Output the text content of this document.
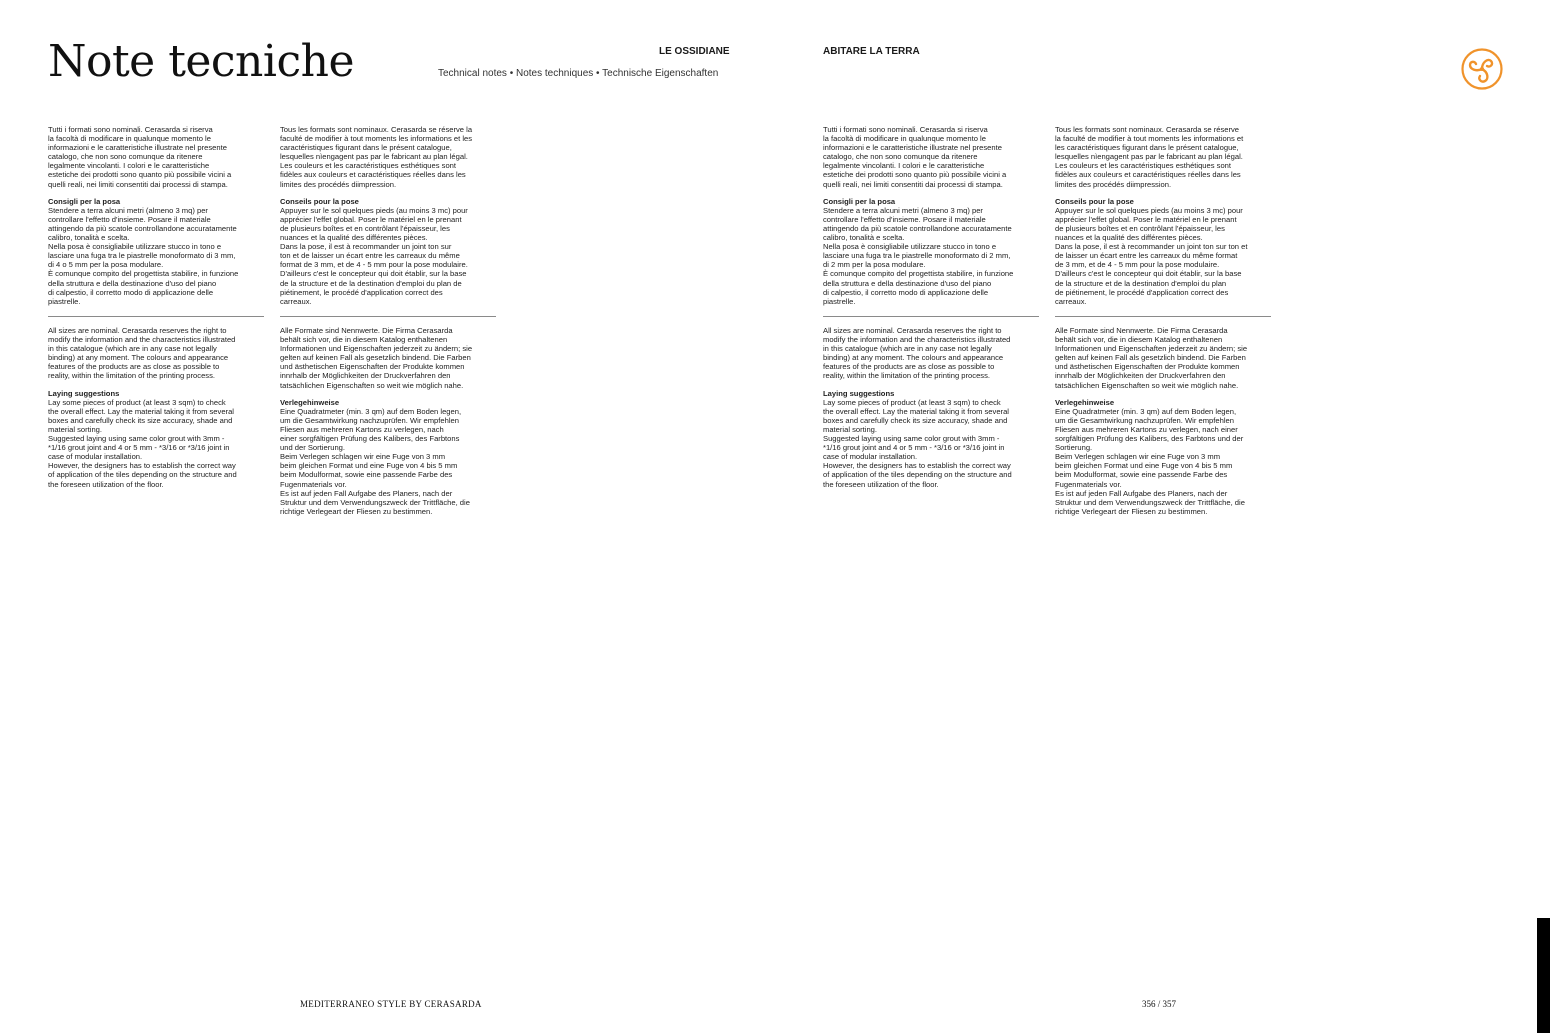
Note tecniche	LE OSSIDIANE	ABITARE LA TERRA
Technical notes • Notes techniques • Technische Eigenschaften

Tutti i formati sono nominali. Cerasarda si riserva
la facoltà di modificare in qualunque momento le
informazioni e le caratteristiche illustrate nel presente
catalogo, che non sono comunque da ritenere
legalmente vincolanti. I colori e le caratteristiche
estetiche dei prodotti sono quanto più possibile vicini a
quelli reali, nei limiti consentiti dai processi di stampa.

Consigli per la posa

Stendere a terra alcuni metri (almeno 3 mq) per
controllare l'effetto d'insieme. Posare il materiale
attingendo da più scatole controllandone accuratamente
calibro, tonalità e scelta.
Nella posa è consigliabile utilizzare stucco in tono e
lasciare una fuga tra le piastrelle monoformato di 3 mm,
di 4 o 5 mm per la posa modulare.
È comunque compito del progettista stabilire, in funzione
della struttura e della destinazione d'uso del piano
di calpestio, il corretto modo di applicazione delle
piastrelle.

Tous les formats sont nominaux. Cerasarda se réserve la
faculté de modifier à tout moments les informations et les
caractéristiques figurant dans le présent catalogue,
lesquelles nìengagent pas par le fabricant au plan légal.
Les couleurs et les caractéristiques esthétiques sont
fidèles aux couleurs et caractéristiques réelles dans les
limites des procédés diimpression.

Conseils pour la pose

Appuyer sur le sol quelques pieds (au moins 3 mc) pour
apprécier l'effet global. Poser le matériel en le prenant
de plusieurs boîtes et en contrôlant l'épaisseur, les
nuances et la qualité des différentes pièces.
Dans la pose, il est à recommander un joint ton sur
ton et de laisser un écart entre les carreaux du même
format de 3 mm, et de 4 - 5 mm pour la pose modulaire.
D'ailleurs c'est le concepteur qui doit établir, sur la base
de la structure et de la destination d'emploi du plan de
piétinement, le procédé d'application correct des
carreaux.

All sizes are nominal. Cerasarda reserves the right to
modify the information and the characteristics illustrated
in this catalogue (which are in any case not legally
binding) at any moment. The colours and appearance
features of the products are as close as possible to
reality, within the limitation of the printing process.

Laying suggestions

Lay some pieces of product (at least 3 sqm) to check
the overall effect. Lay the material taking it from several
boxes and carefully check its size accuracy, shade and
material sorting.
Suggested laying using same color grout with 3mm -
*1/16 grout joint and 4 or 5 mm - *3/16 or *3/16 joint in
case of modular installation.
However, the designers has to establish the correct way
of application of the tiles depending on the structure and
the foreseen utilization of the floor.

Alle Formate sind Nennwerte. Die Firma Cerasarda
behält sich vor, die in diesem Katalog enthaltenen
Informationen und Eigenschaften jederzeit zu ändern; sie
gelten auf keinen Fall als gesetzlich bindend. Die Farben
und ästhetischen Eigenschaften der Produkte kommen
innrhalb der Möglichkeiten der Druckverfahren den
tatsächlichen Eigenschaften so weit wie möglich nahe.

Verlegehinweise

Eine Quadratmeter (min. 3 qm) auf dem Boden legen,
um die Gesamtwirkung nachzuprüfen. Wir empfehlen
Fliesen aus mehreren Kartons zu verlegen, nach
einer sorgfältigen Prüfung des Kalibers, des Farbtons
und der Sortierung.
Beim Verlegen schlagen wir eine Fuge von 3 mm
beim gleichen Format und eine Fuge von 4 bis 5 mm
beim Modulformat, sowie eine passende Farbe des
Fugenmaterials vor.
Es ist auf jeden Fall Aufgabe des Planers, nach der
Struktur und dem Verwendungszweck der Trittfläche, die
richtige Verlegeart der Fliesen zu bestimmen.

Tutti i formati sono nominali. Cerasarda si riserva
la facoltà di modificare in qualunque momento le
informazioni e le caratteristiche illustrate nel presente
catalogo, che non sono comunque da ritenere
legalmente vincolanti. I colori e le caratteristiche
estetiche dei prodotti sono quanto più possibile vicini a
quelli reali, nei limiti consentiti dai processi di stampa.

Consigli per la posa

Stendere a terra alcuni metri (almeno 3 mq) per
controllare l'effetto d'insieme. Posare il materiale
attingendo da più scatole controllandone accuratamente
calibro, tonalità e scelta.
Nella posa è consigliabile utilizzare stucco in tono e
lasciare una fuga tra le piastrelle monoformato di 2 mm,
di 2 mm per la posa modulare.
È comunque compito del progettista stabilire, in funzione
della struttura e della destinazione d'uso del piano
di calpestio, il corretto modo di applicazione delle
piastrelle.

Tous les formats sont nominaux. Cerasarda se réserve
la faculté de modifier à tout moments les informations et
les caractéristiques figurant dans le présent catalogue,
lesquelles nìengagent pas par le fabricant au plan légal.
Les couleurs et les caractéristiques esthétiques sont
fidèles aux couleurs et caractéristiques réelles dans les
limites des procédés diimpression.

Conseils pour la pose

Appuyer sur le sol quelques pieds (au moins 3 mc) pour
apprécier l'effet global. Poser le matériel en le prenant
de plusieurs boîtes et en contrôlant l'épaisseur, les
nuances et la qualité des différentes pièces.
Dans la pose, il est à recommander un joint ton sur ton et
de laisser un écart entre les carreaux du même format
de 3 mm, et de 4 - 5 mm pour la pose modulaire.
D'ailleurs c'est le concepteur qui doit établir, sur la base
de la structure et de la destination d'emploi du plan
de piétinement, le procédé d'application correct des
carreaux.

All sizes are nominal. Cerasarda reserves the right to
modify the information and the characteristics illustrated
in this catalogue (which are in any case not legally
binding) at any moment. The colours and appearance
features of the products are as close as possible to
reality, within the limitation of the printing process.

Laying suggestions

Lay some pieces of product (at least 3 sqm) to check
the overall effect. Lay the material taking it from several
boxes and carefully check its size accuracy, shade and
material sorting.
Suggested laying using same color grout with 3mm -
*1/16 grout joint and 4 or 5 mm - *3/16 or *3/16 joint in
case of modular installation.
However, the designers has to establish the correct way
of application of the tiles depending on the structure and
the foreseen utilization of the floor.

Alle Formate sind Nennwerte. Die Firma Cerasarda
behält sich vor, die in diesem Katalog enthaltenen
Informationen und Eigenschaften jederzeit zu ändern; sie
gelten auf keinen Fall als gesetzlich bindend. Die Farben
und ästhetischen Eigenschaften der Produkte kommen
innrhalb der Möglichkeiten der Druckverfahren den
tatsächlichen Eigenschaften so weit wie möglich nahe.

Verlegehinweise

Eine Quadratmeter (min. 3 qm) auf dem Boden legen,
um die Gesamtwirkung nachzuprüfen. Wir empfehlen
Fliesen aus mehreren Kartons zu verlegen, nach einer
sorgfältigen Prüfung des Kalibers, des Farbtons und der
Sortierung.
Beim Verlegen schlagen wir eine Fuge von 3 mm
beim gleichen Format und eine Fuge von 4 bis 5 mm
beim Modulformat, sowie eine passende Farbe des
Fugenmaterials vor.
Es ist auf jeden Fall Aufgabe des Planers, nach der
Struktur und dem Verwendungszweck der Trittfläche, die
richtige Verlegeart der Fliesen zu bestimmen.

MEDITERRANEO STYLE BY CERASARDA	356 / 357
